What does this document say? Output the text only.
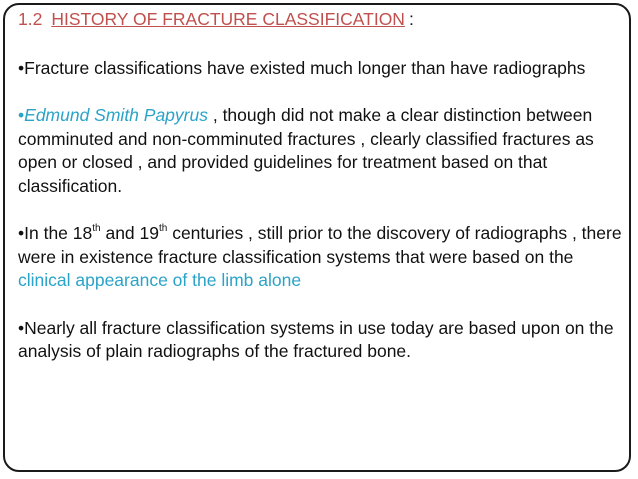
1.2 HISTORY OF FRACTURE CLASSIFICATION :

•Fracture classifications have existed much longer than have radiographs

•Edmund Smith Papyrus , though did not make a clear distinction between comminuted and non-comminuted fractures , clearly classified fractures as open or closed , and provided guidelines for treatment based on that classification.

•In the 18th and 19th centuries , still prior to the discovery of radiographs , there were in existence fracture classification systems that were based on the clinical appearance of the limb alone

•Nearly all fracture classification systems in use today are based upon on the analysis of plain radiographs of the fractured bone.
